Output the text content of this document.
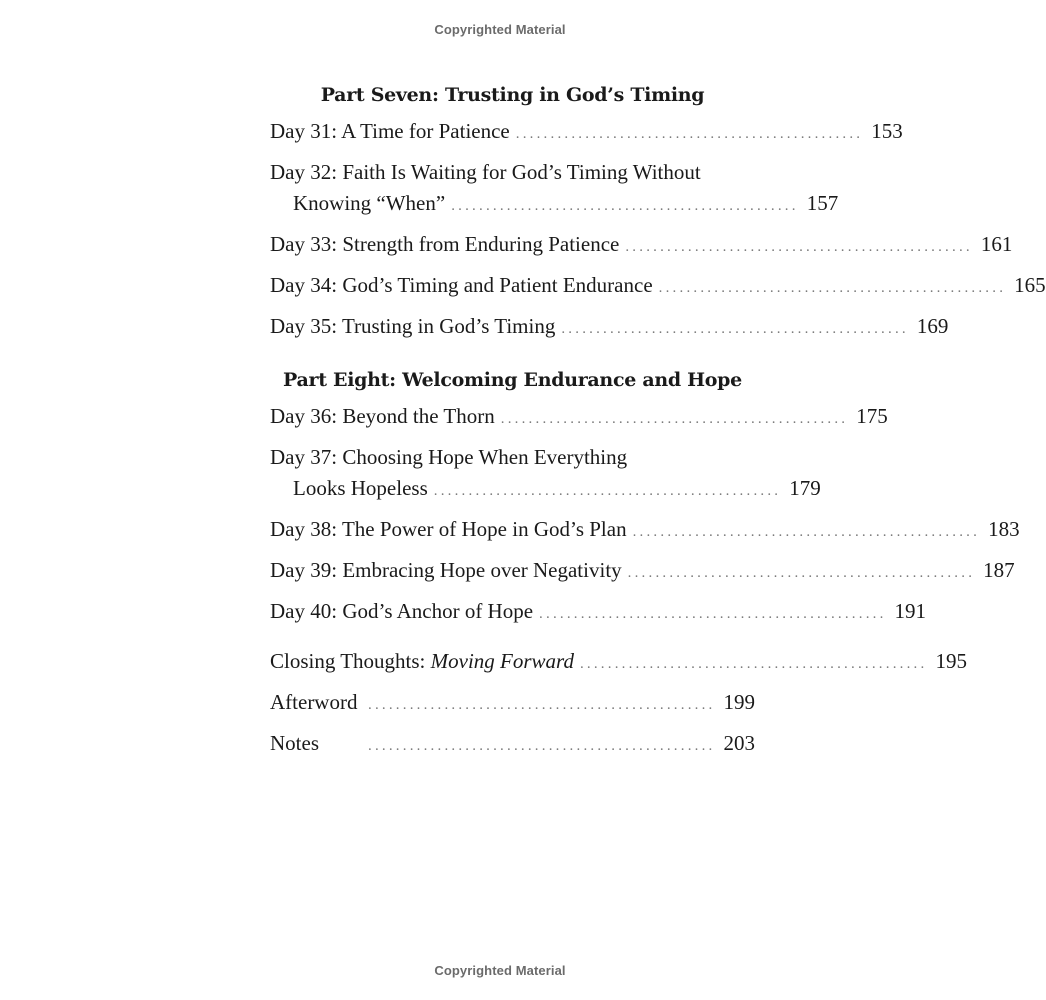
Copyrighted Material
Part Seven: Trusting in God’s Timing
Day 31: A Time for Patience .................................................. 153
Day 32: Faith Is Waiting for God’s Timing Without
Knowing “When” .................................................. 157
Day 33: Strength from Enduring Patience .................................................. 161
Day 34: God’s Timing and Patient Endurance .................................................. 165
Day 35: Trusting in God’s Timing .................................................. 169
Part Eight: Welcoming Endurance and Hope
Day 36: Beyond the Thorn .................................................. 175
Day 37: Choosing Hope When Everything
Looks Hopeless .................................................. 179
Day 38: The Power of Hope in God’s Plan .................................................. 183
Day 39: Embracing Hope over Negativity .................................................. 187
Day 40: God’s Anchor of Hope .................................................. 191
Closing Thoughts: Moving Forward .................................................. 195
Afterword .................................................. 199
Notes	.................................................. 203
Copyrighted Material
